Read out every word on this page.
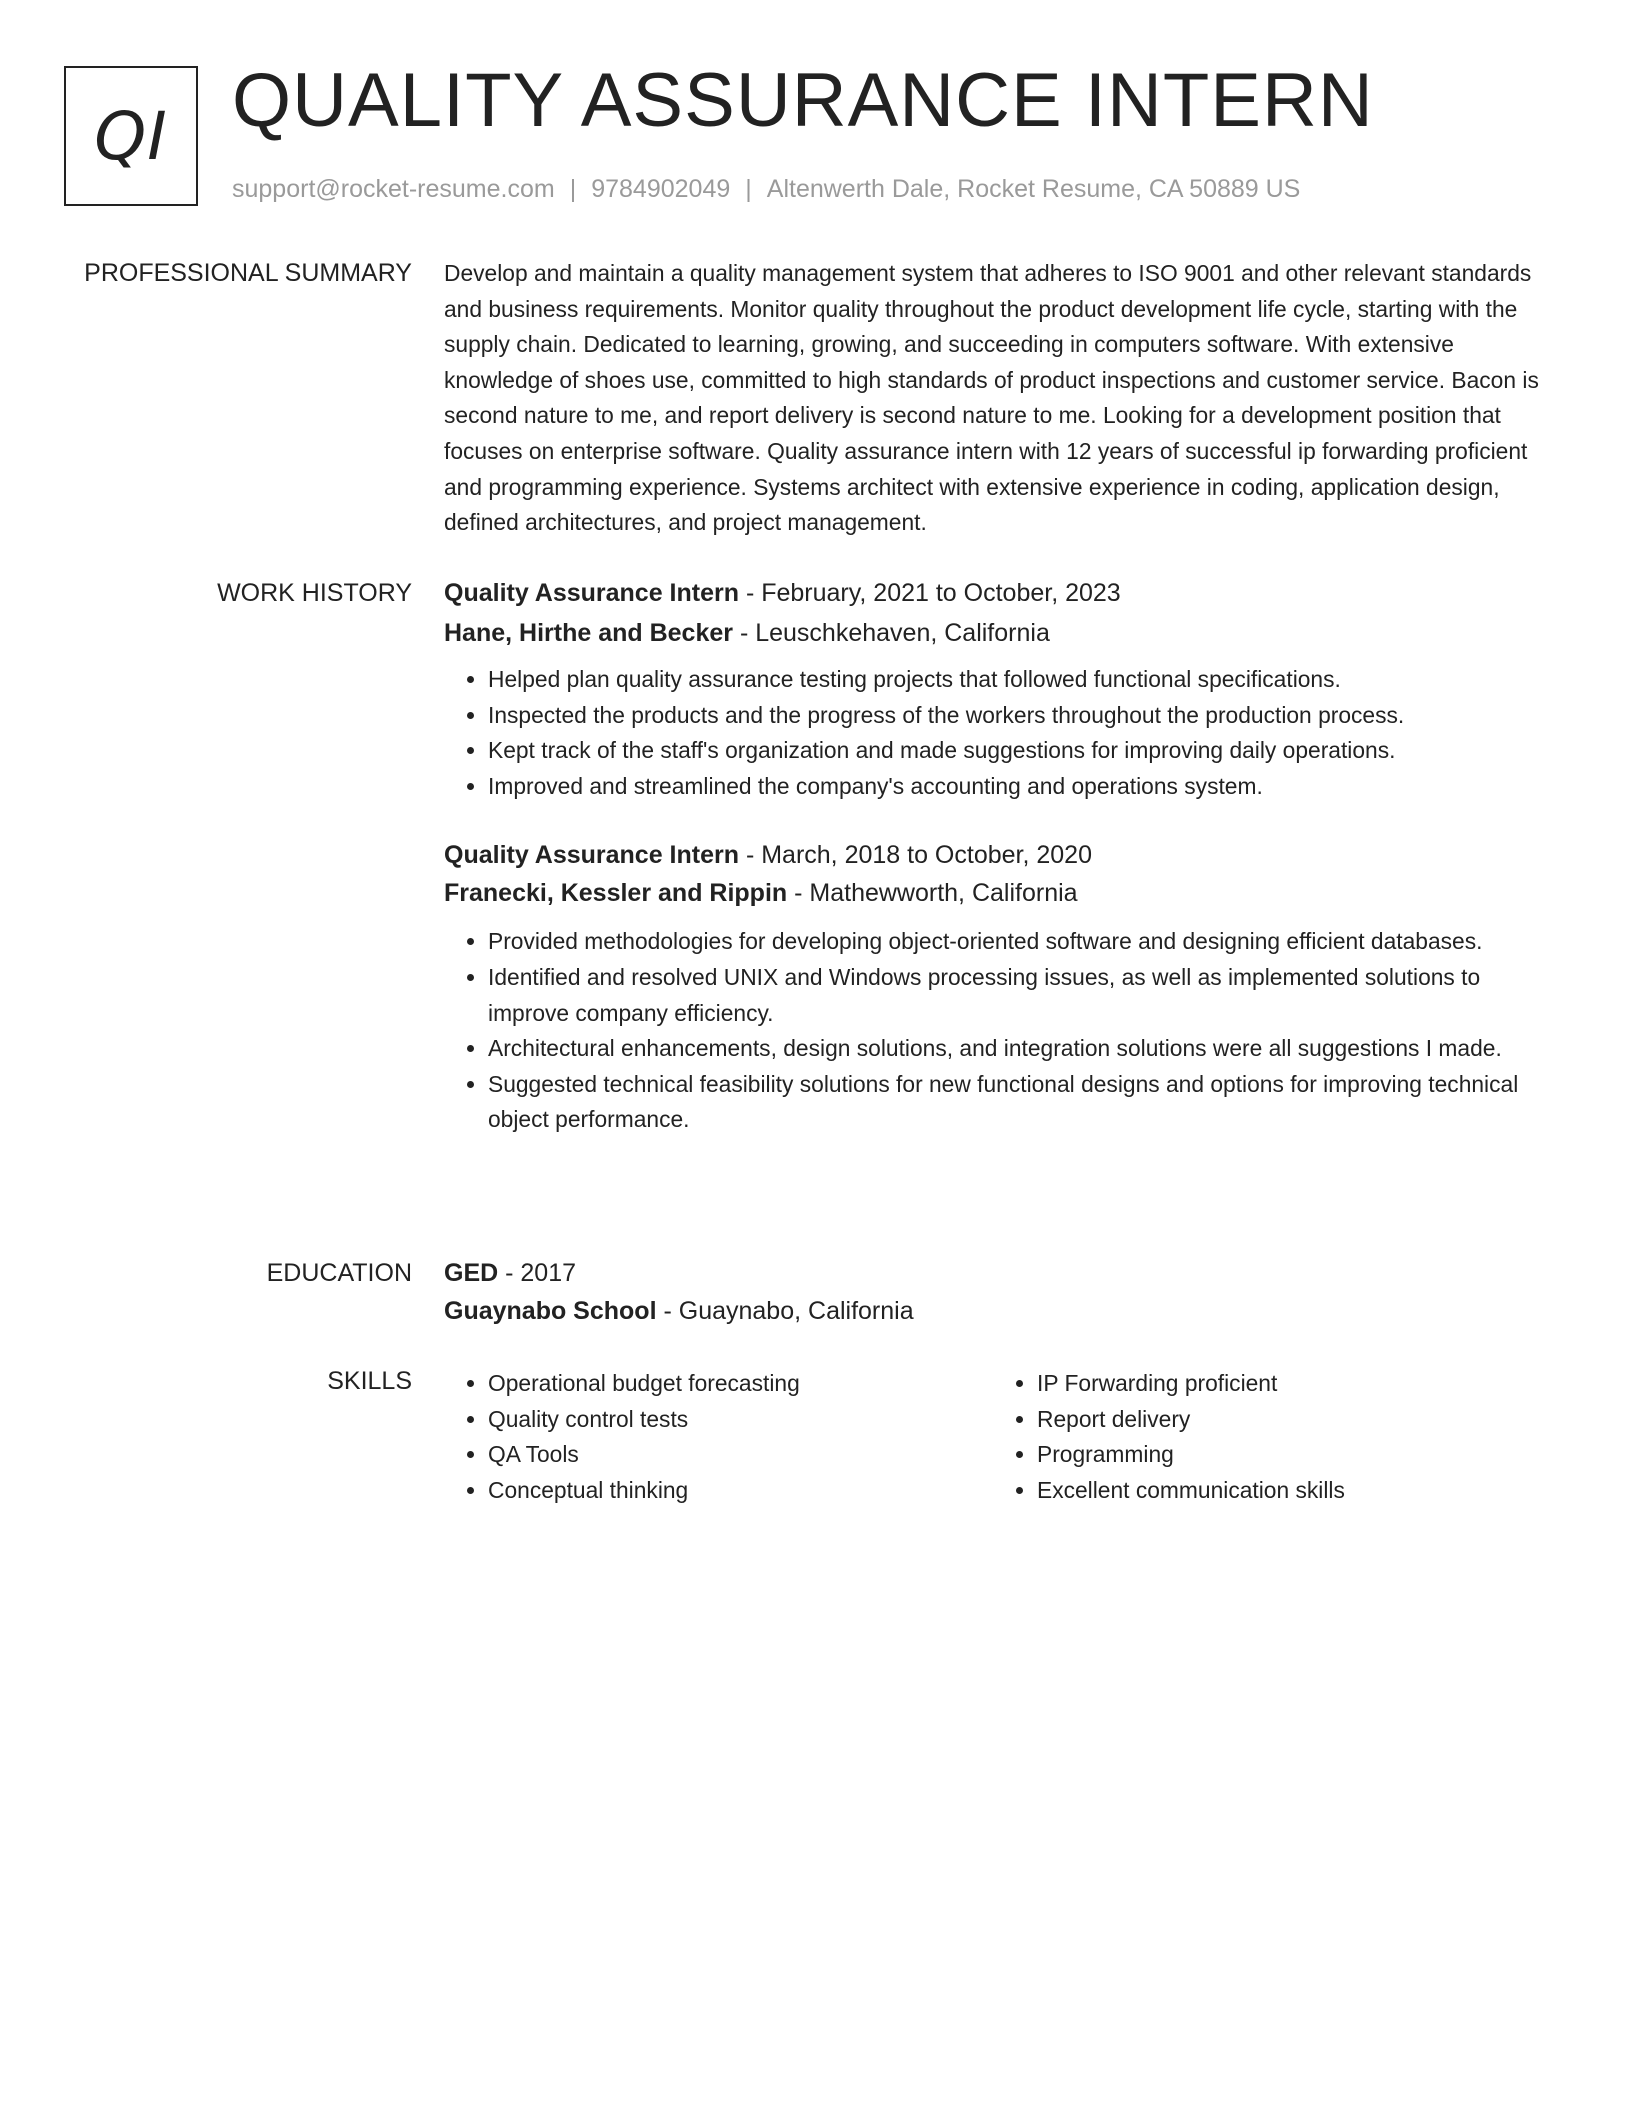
QI QUALITY ASSURANCE INTERN
support@rocket-resume.com | 9784902049 | Altenwerth Dale, Rocket Resume, CA 50889 US
PROFESSIONAL SUMMARY Develop and maintain a quality management system that adheres to ISO 9001 and other relevant standards and business requirements. Monitor quality throughout the product development life cycle, starting with the supply chain. Dedicated to learning, growing, and succeeding in computers software. With extensive knowledge of shoes use, committed to high standards of product inspections and customer service. Bacon is second nature to me, and report delivery is second nature to me. Looking for a development position that focuses on enterprise software. Quality assurance intern with 12 years of successful ip forwarding proficient and programming experience. Systems architect with extensive experience in coding, application design, defined architectures, and project management.

WORK HISTORY Quality Assurance Intern - February, 2021 to October, 2023

Hane, Hirthe and Becker - Leuschkehaven, California

• Helped plan quality assurance testing projects that followed functional specifications.
• Inspected the products and the progress of the workers throughout the production process.
• Kept track of the staff's organization and made suggestions for improving daily operations.
• Improved and streamlined the company's accounting and operations system.

Quality Assurance Intern - March, 2018 to October, 2020

Franecki, Kessler and Rippin - Mathewworth, California

• Provided methodologies for developing object-oriented software and designing efficient databases.
• Identified and resolved UNIX and Windows processing issues, as well as implemented solutions to improve company efficiency.
• Architectural enhancements, design solutions, and integration solutions were all suggestions I made.
• Suggested technical feasibility solutions for new functional designs and options for improving technical object performance.
EDUCATION GED - 2017

Guaynabo School - Guaynabo, California

SKILLS
•	Operational budget forecasting
• Quality control tests
• QA Tools
• Conceptual thinking
• IP Forwarding proficient
• Report delivery
• Programming
• Excellent communication skills
